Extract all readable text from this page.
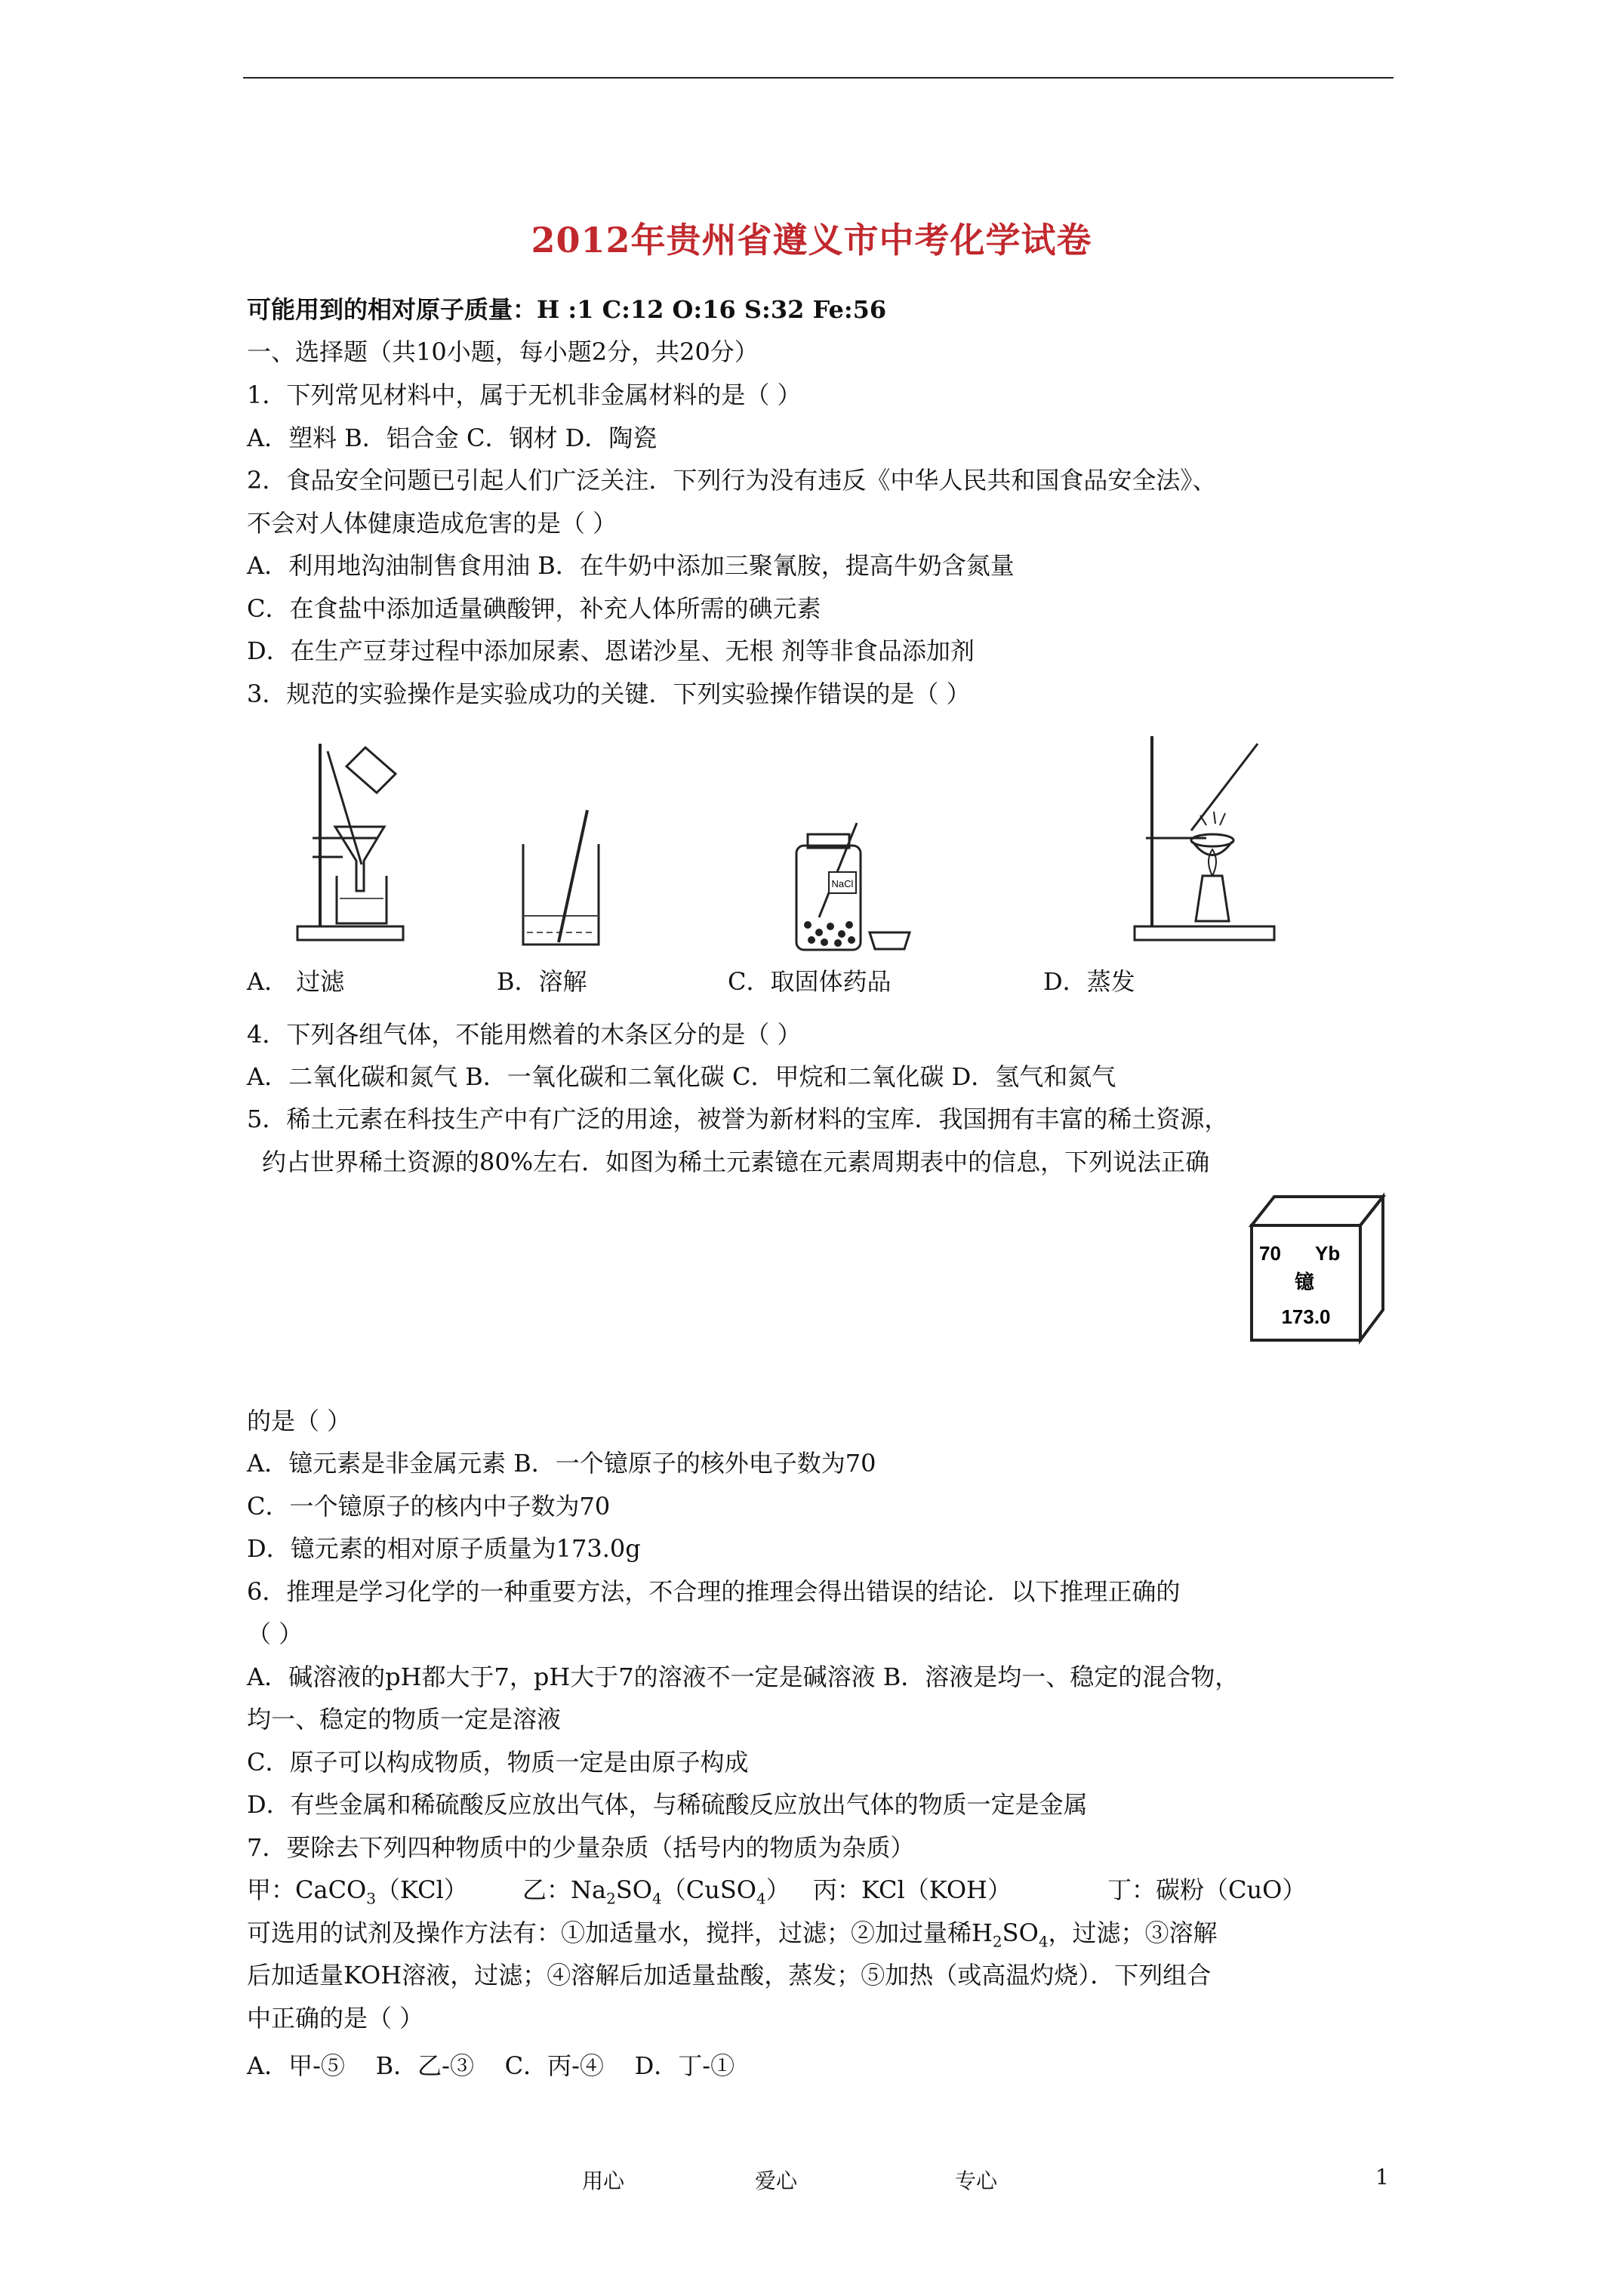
2012年贵州省遵义市中考化学试卷
可能用到的相对原子质量：H :1 C:12 O:16 S:32 Fe:56
一、选择题（共10小题，每小题2分，共20分）
1．下列常见材料中，属于无机非金属材料的是（ ）
A．塑料 B．铝合金 C．钢材 D．陶瓷
2．食品安全问题已引起人们广泛关注．下列行为没有违反《中华人民共和国食品安全法》、
不会对人体健康造成危害的是（ ）
A．利用地沟油制售食用油 B．在牛奶中添加三聚氰胺，提高牛奶含氮量
C．在食盐中添加适量碘酸钾，补充人体所需的碘元素
D．在生产豆芽过程中添加尿素、恩诺沙星、无根 剂等非食品添加剂
3．规范的实验操作是实验成功的关键．下列实验操作错误的是（ ）
NaCl
A． 过滤	B．溶解	C．取固体药品	D．蒸发
4．下列各组气体，不能用燃着的木条区分的是（ ）
A．二氧化碳和氮气 B．一氧化碳和二氧化碳 C．甲烷和二氧化碳 D．氢气和氮气
5．稀土元素在科技生产中有广泛的用途，被誉为新材料的宝库．我国拥有丰富的稀土资源，
约占世界稀土资源的80%左右．如图为稀土元素镱在元素周期表中的信息，下列说法正确
70 Yb
镱
173.0
的是（ ）
A．镱元素是非金属元素 B．一个镱原子的核外电子数为70
C．一个镱原子的核内中子数为70
D．镱元素的相对原子质量为173.0g
6．推理是学习化学的一种重要方法，不合理的推理会得出错误的结论．以下推理正确的
（ ）
A．碱溶液的pH都大于7，pH大于7的溶液不一定是碱溶液 B．溶液是均一、稳定的混合物，
均一、稳定的物质一定是溶液
C．原子可以构成物质，物质一定是由原子构成
D．有些金属和稀硫酸反应放出气体，与稀硫酸反应放出气体的物质一定是金属
7．要除去下列四种物质中的少量杂质（括号内的物质为杂质）
甲：CaCO$_3$（KCl） 乙：$Na_2SO_4(CuSO_4)$ 丙：KCl（KOH）	丁：碳粉（CuO）
可选用的试剂及操作方法有：①加适量水，搅拌，过滤；②加过量稀$H_2SO_4$，过滤；③溶解
后加适量KOH溶液，过滤；④溶解后加适量盐酸，蒸发；⑤加热（或高温灼烧）．下列组合
中正确的是（ ）
A．甲-⑤    B．乙-③    C．丙-④    D．丁-①
用心	爱心	专心	1
